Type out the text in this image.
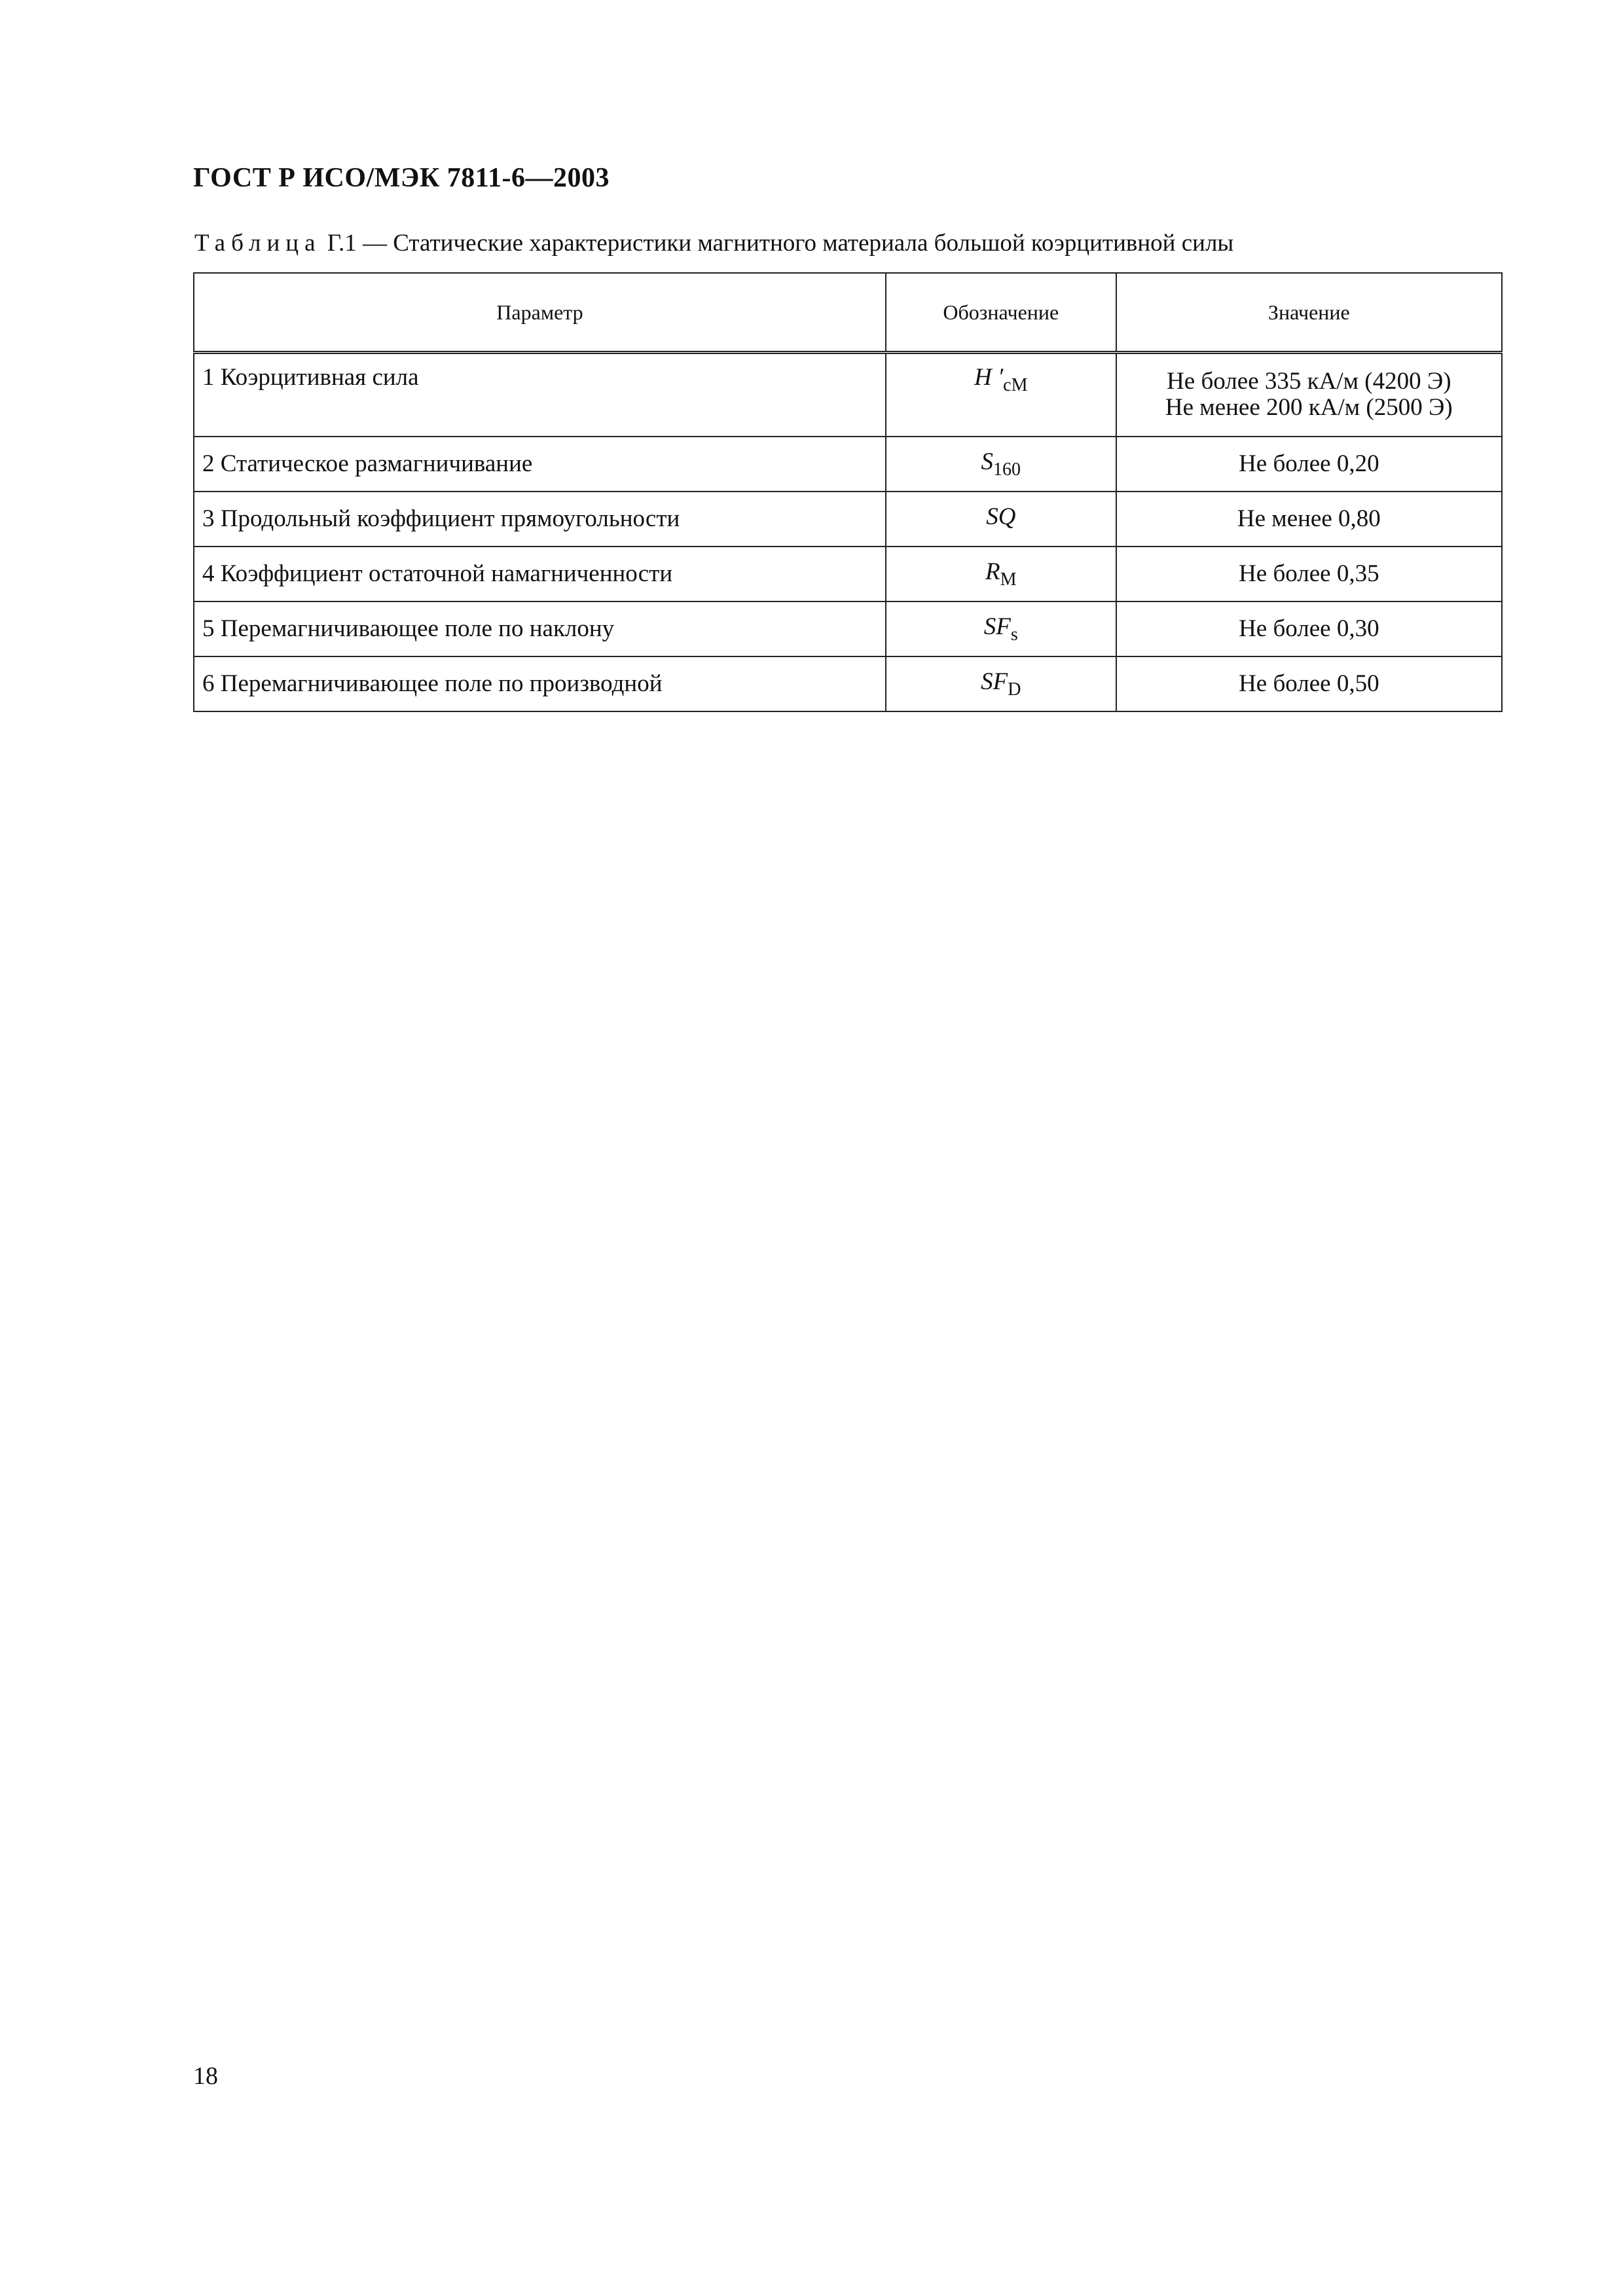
ГОСТ Р ИСО/МЭК 7811-6—2003
Таблица Г.1 — Статические характеристики магнитного материала большой коэрцитивной силы
Параметр	Обозначение	Значение
1 Коэрцитивная сила	H $'_{cM}$	Не более 335 кА/м (4200 Э)
Не менее 200 кА/м (2500 Э)

2 Статическое размагничивание	$S_{160}$	Не более 0,20
3 Продольный коэффициент прямоугольности	SQ	Не менее 0,80
4 Коэффициент остаточной намагниченности	$R_M$	Не более 0,35
5 Перемагничивающее поле по наклону	$SF_s$	Не более 0,30
6 Перемагничивающее поле по производной	$SF_D$	Не более 0,50
18
